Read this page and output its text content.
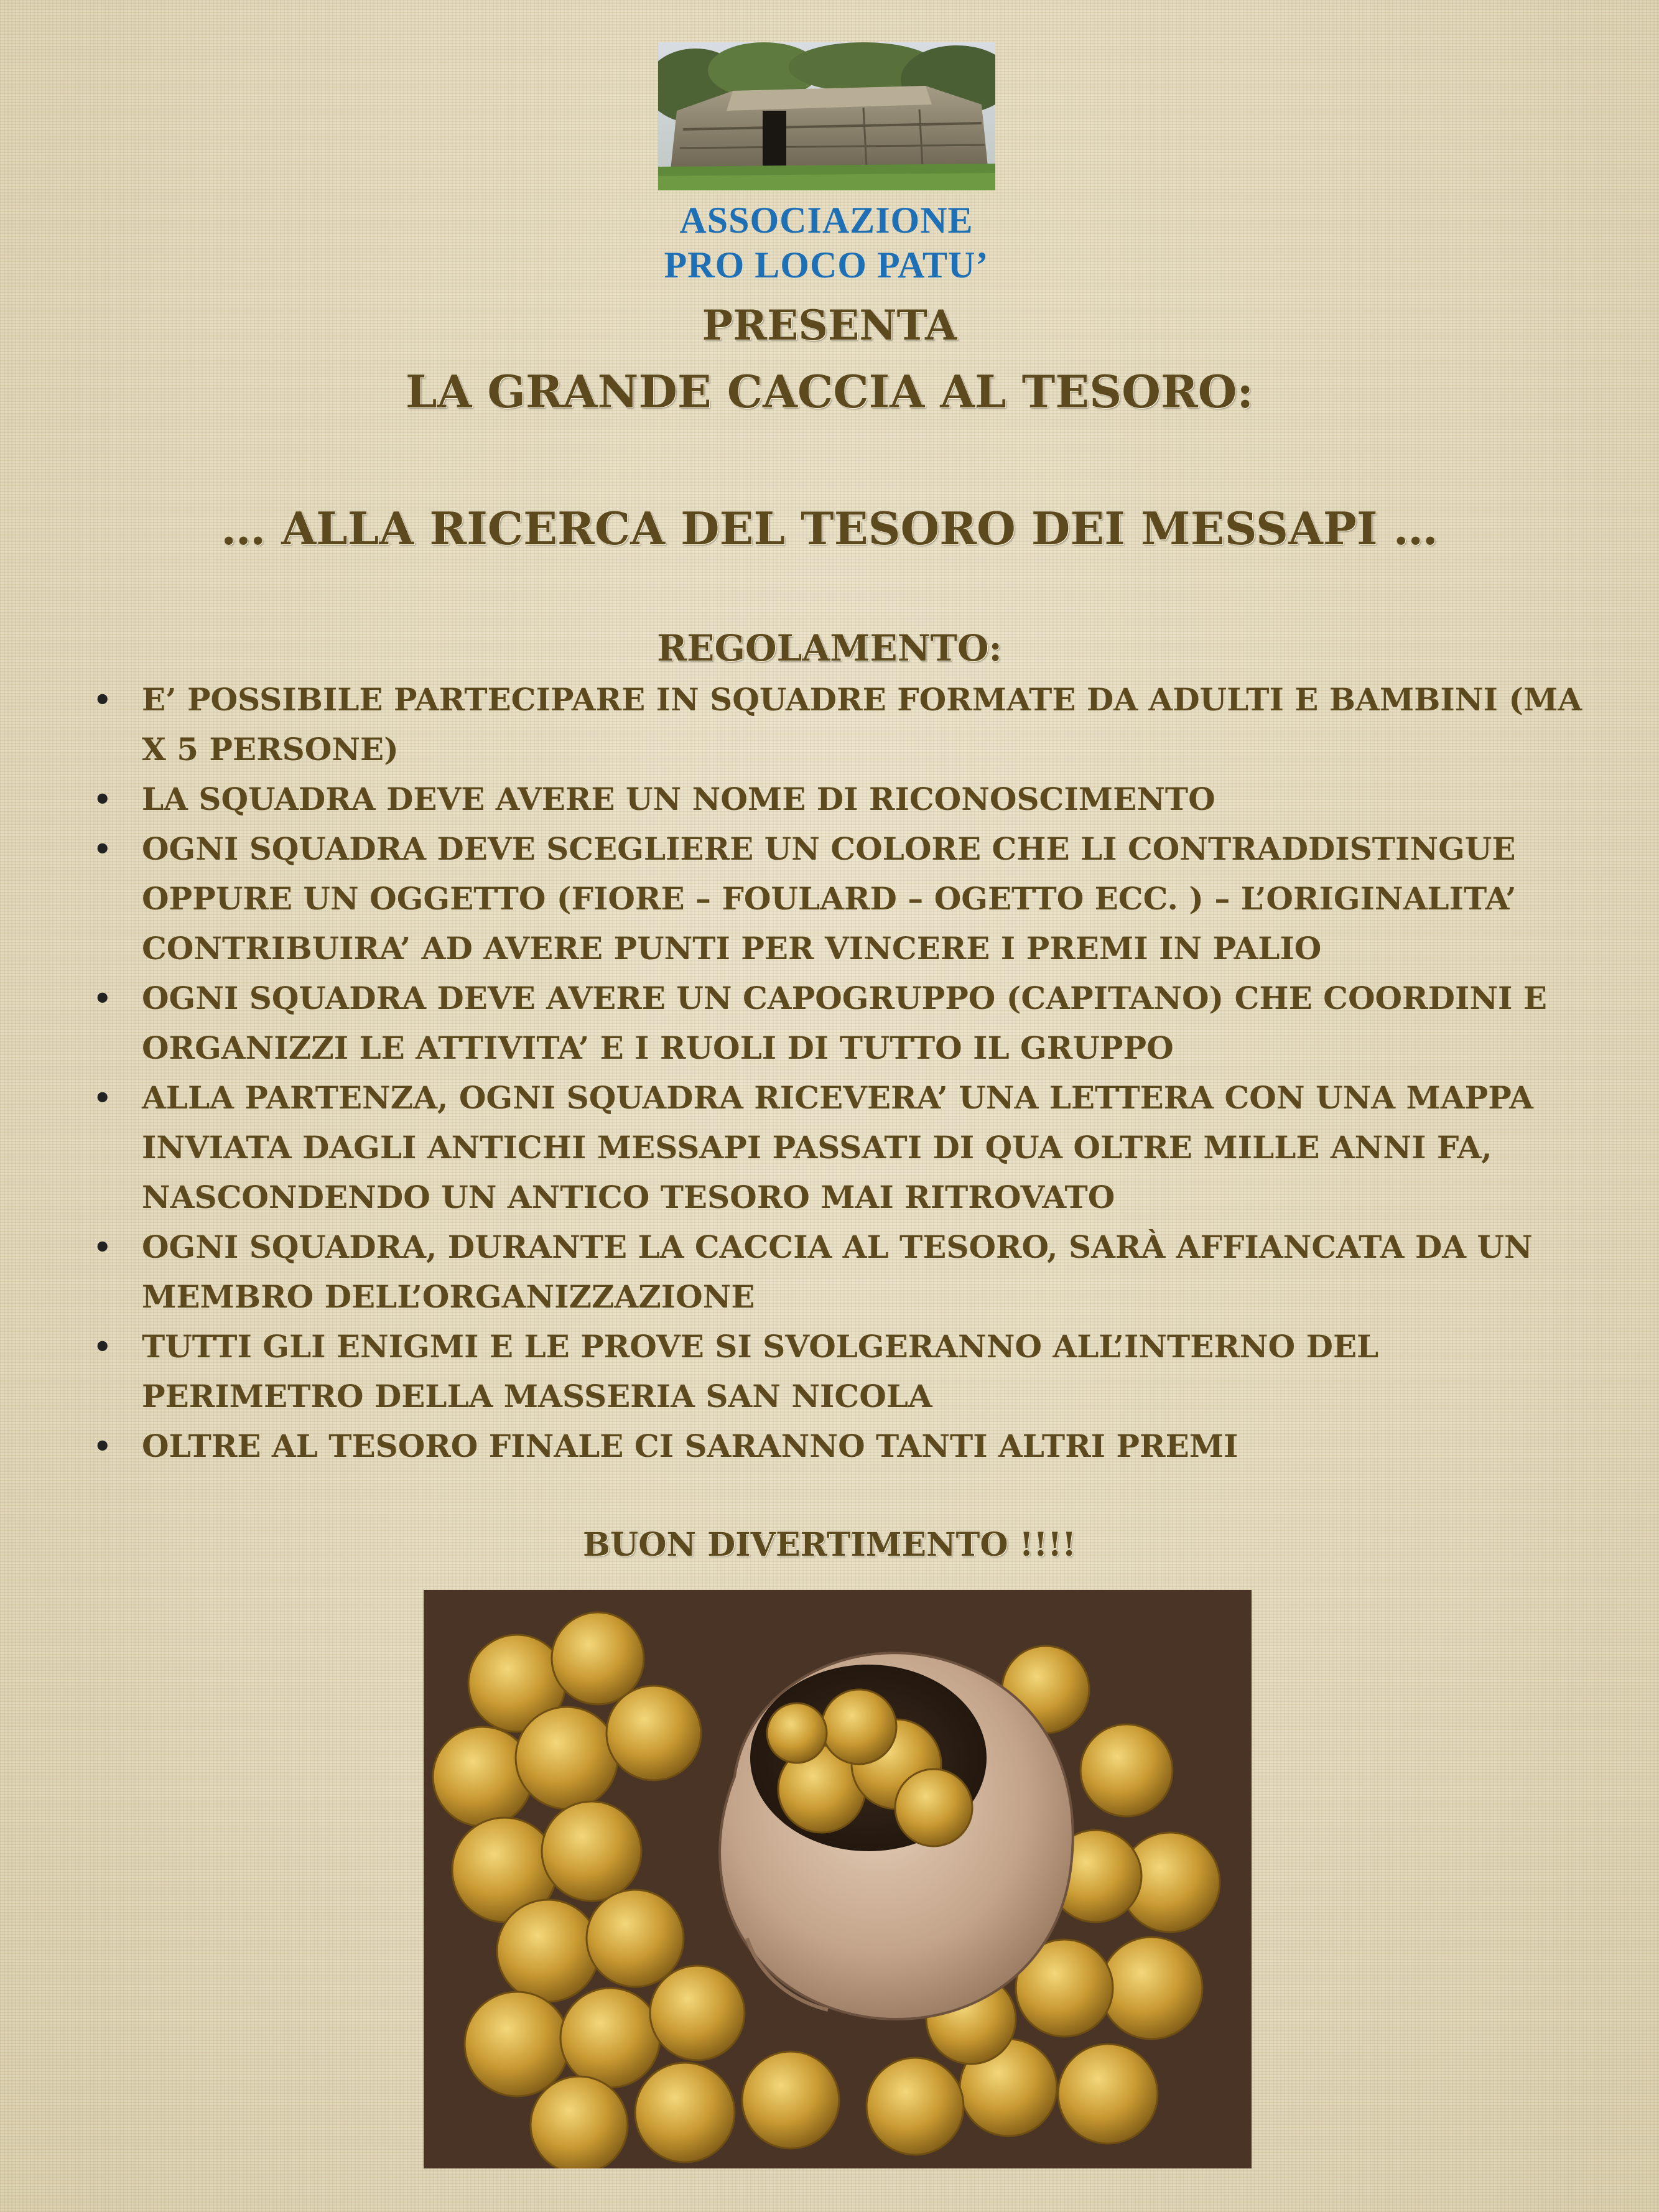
ASSOCIAZIONE
PRO LOCO PATU’
PRESENTA
LA GRANDE CACCIA AL TESORO:
… ALLA RICERCA DEL TESORO DEI MESSAPI …
REGOLAMENTO:
• E’ POSSIBILE PARTECIPARE IN SQUADRE FORMATE DA ADULTI E BAMBINI (MA X 5 PERSONE)
• LA SQUADRA DEVE AVERE UN NOME DI RICONOSCIMENTO
• OGNI SQUADRA DEVE SCEGLIERE UN COLORE CHE LI CONTRADDISTINGUE OPPURE UN OGGETTO (FIORE – FOULARD – OGETTO ECC. ) – L’ORIGINALITA’ CONTRIBUIRA’ AD AVERE PUNTI PER VINCERE I PREMI IN PALIO
• OGNI SQUADRA DEVE AVERE UN CAPOGRUPPO (CAPITANO) CHE COORDINI E ORGANIZZI LE ATTIVITA’ E I RUOLI DI TUTTO IL GRUPPO
• ALLA PARTENZA, OGNI SQUADRA RICEVERA’ UNA LETTERA CON UNA MAPPA INVIATA DAGLI ANTICHI MESSAPI PASSATI DI QUA OLTRE MILLE ANNI FA, NASCONDENDO UN ANTICO TESORO MAI RITROVATO
• OGNI SQUADRA, DURANTE LA CACCIA AL TESORO, SARÀ AFFIANCATA DA UN MEMBRO DELL’ORGANIZZAZIONE
• TUTTI GLI ENIGMI E LE PROVE SI SVOLGERANNO ALL’INTERNO DEL PERIMETRO DELLA MASSERIA SAN NICOLA
• OLTRE AL TESORO FINALE CI SARANNO TANTI ALTRI PREMI
BUON DIVERTIMENTO !!!!
